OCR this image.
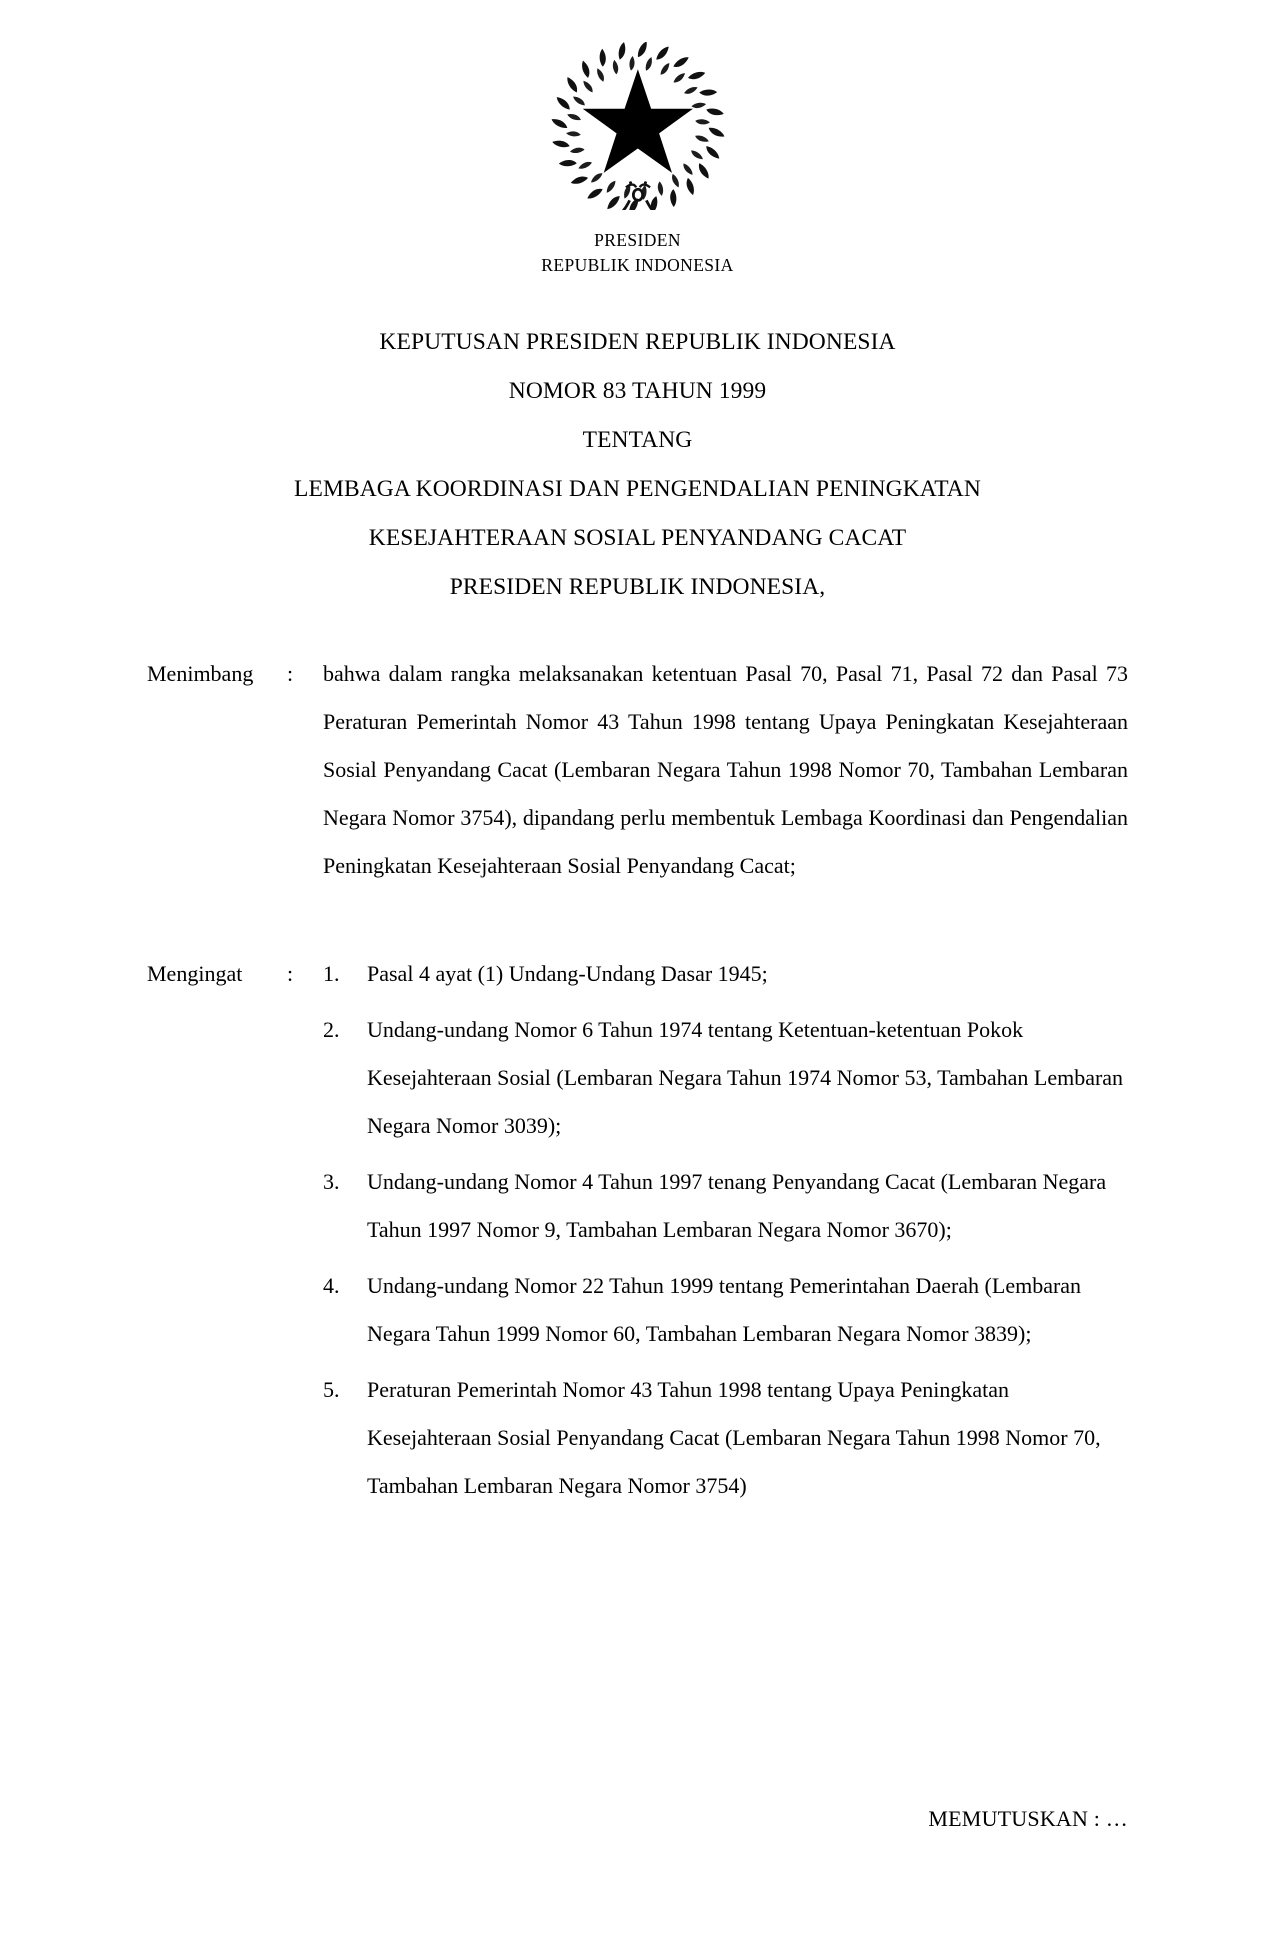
PRESIDEN
REPUBLIK INDONESIA
KEPUTUSAN PRESIDEN REPUBLIK INDONESIA
NOMOR 83 TAHUN 1999
TENTANG
LEMBAGA KOORDINASI DAN PENGENDALIAN PENINGKATAN
KESEJAHTERAAN SOSIAL PENYANDANG CACAT
PRESIDEN REPUBLIK INDONESIA,
Menimbang	:	bahwa dalam rangka melaksanakan ketentuan Pasal 70, Pasal 71, Pasal 72 dan Pasal 73 Peraturan Pemerintah Nomor 43 Tahun 1998 tentang Upaya Peningkatan Kesejahteraan Sosial Penyandang Cacat (Lembaran Negara Tahun 1998 Nomor 70, Tambahan Lembaran Negara Nomor 3754), dipandang perlu membentuk Lembaga Koordinasi dan Pengendalian Peningkatan Kesejahteraan Sosial Penyandang Cacat;

Mengingat	:	1.	Pasal 4 ayat (1) Undang-Undang Dasar 1945;
2.	Undang-undang Nomor 6 Tahun 1974 tentang Ketentuan-ketentuan Pokok Kesejahteraan Sosial (Lembaran Negara Tahun 1974 Nomor 53, Tambahan Lembaran Negara Nomor 3039);
3.	Undang-undang Nomor 4 Tahun 1997 tenang Penyandang Cacat (Lembaran Negara Tahun 1997 Nomor 9, Tambahan Lembaran Negara Nomor 3670);
4.	Undang-undang Nomor 22 Tahun 1999 tentang Pemerintahan Daerah (Lembaran Negara Tahun 1999 Nomor 60, Tambahan Lembaran Negara Nomor 3839);
5.	Peraturan Pemerintah Nomor 43 Tahun 1998 tentang Upaya Peningkatan Kesejahteraan Sosial Penyandang Cacat (Lembaran Negara Tahun 1998 Nomor 70, Tambahan Lembaran Negara Nomor 3754)
MEMUTUSKAN : …
